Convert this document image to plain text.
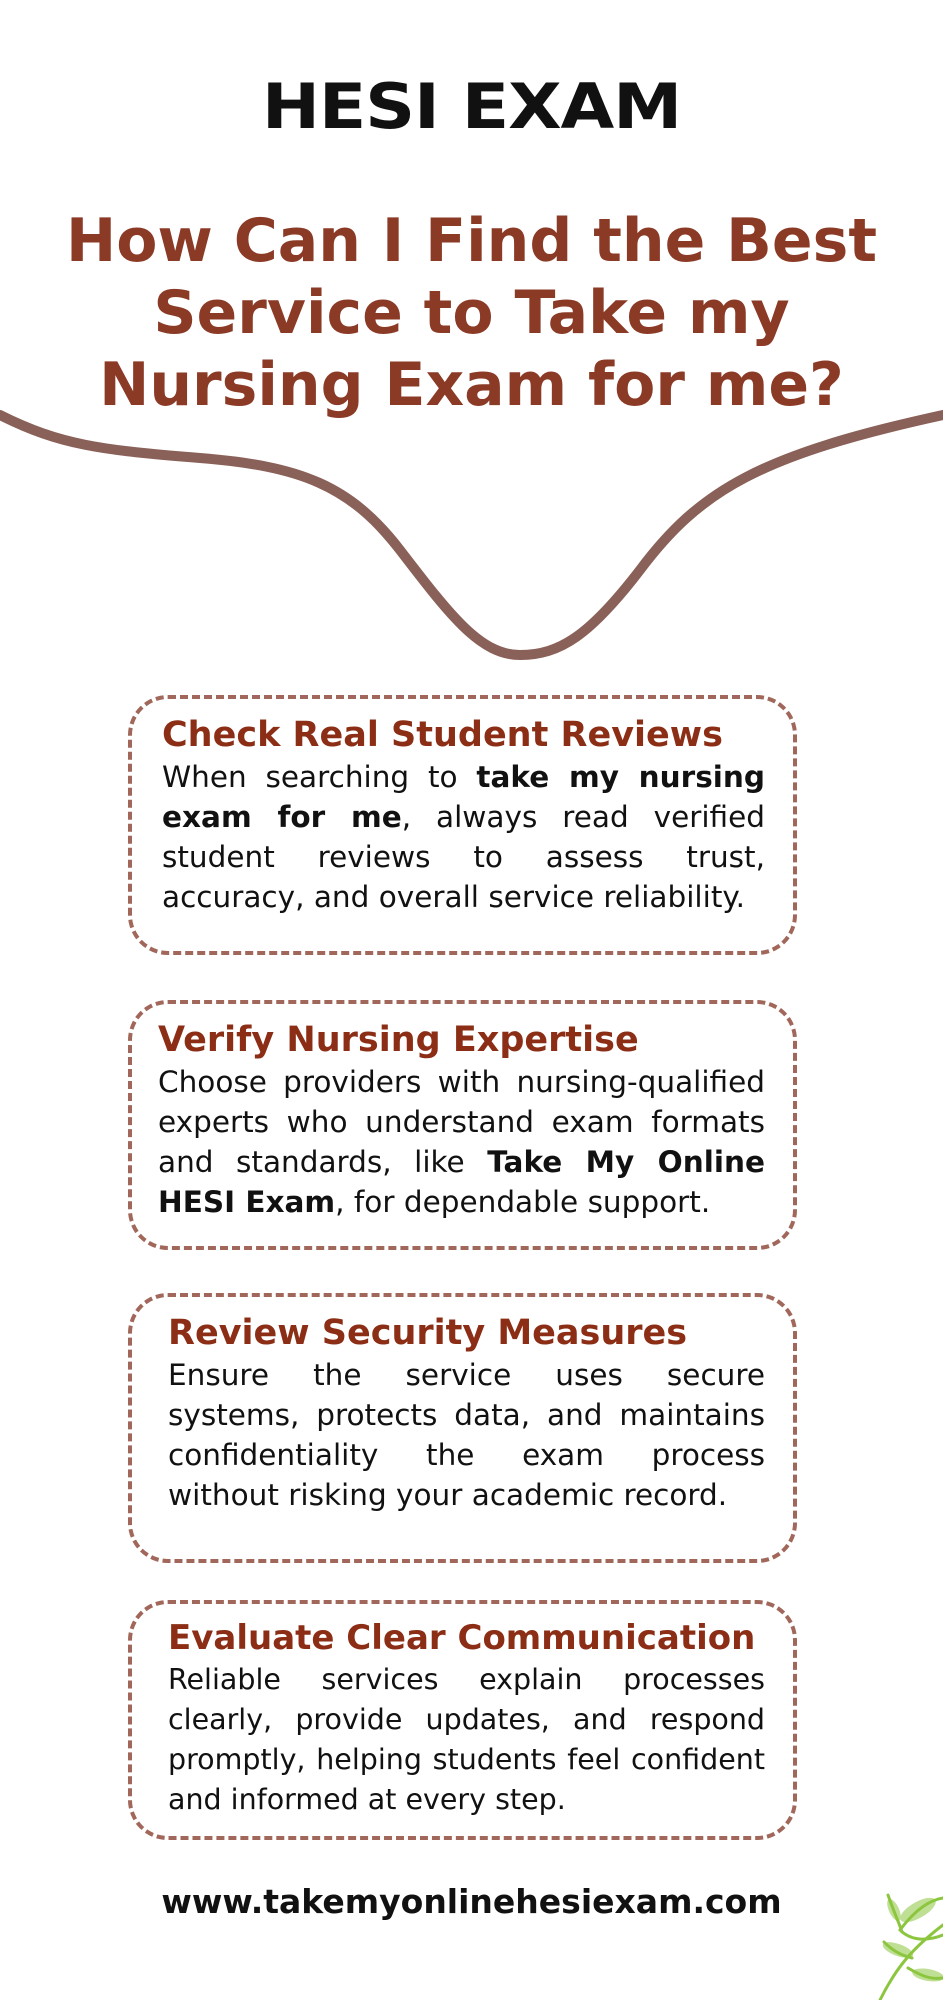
HESI EXAM
How Can I Find the Best Service to Take my Nursing Exam for me?
Check Real Student Reviews

When searching to take my nursing exam for me, always read verified student reviews to assess trust, accuracy, and overall service reliability.

Verify Nursing Expertise

Choose providers with nursing-qualified experts who understand exam formats and standards, like Take My Online HESI Exam, for dependable support.

Review Security Measures

Ensure the service uses secure systems, protects data, and maintains confidentiality the exam process without risking your academic record.

Evaluate Clear Communication

Reliable services explain processes clearly, provide updates, and respond promptly, helping students feel confident and informed at every step.

www.takemyonlinehesiexam.com
